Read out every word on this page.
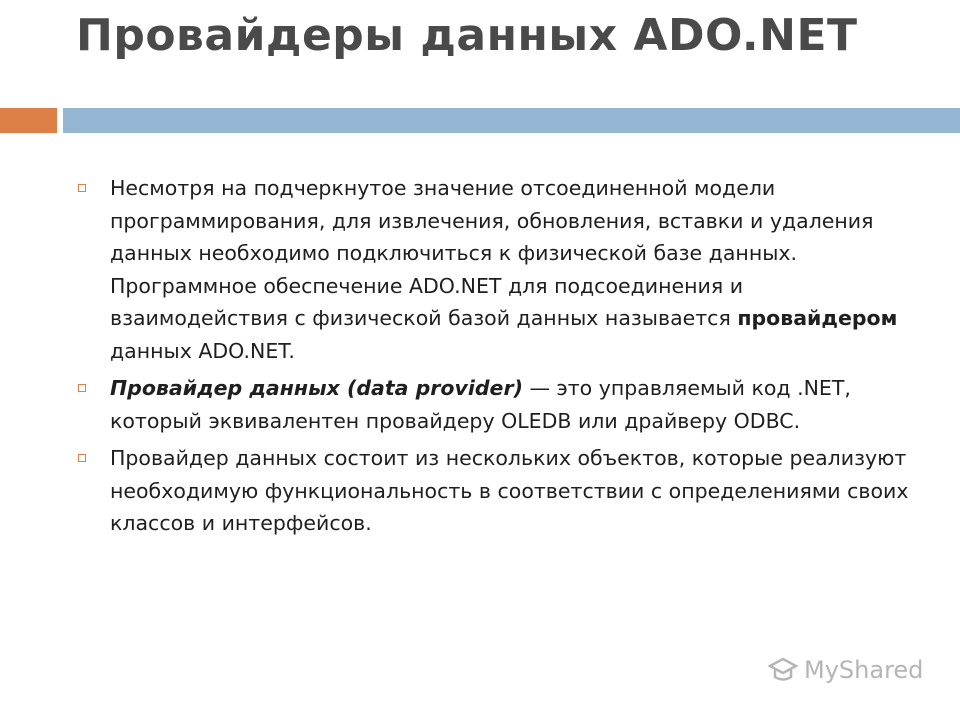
Провайдеры данных ADO.NET
Несмотря на подчеркнутое значение отсоединенной модели программирования, для извлечения, обновления, вставки и удаления данных необходимо подключиться к физической базе данных. Программное обеспечение ADO.NET для подсоединения и взаимодействия с физической базой данных называется провайдером данных ADO.NET.
Провайдер данных (data provider) — это управляемый код .NET, который эквивалентен провайдеру OLEDB или драйверу ODBC.
Провайдер данных состоит из нескольких объектов, которые реализуют необходимую функциональность в соответствии с определениями своих классов и интерфейсов.
MyShared
